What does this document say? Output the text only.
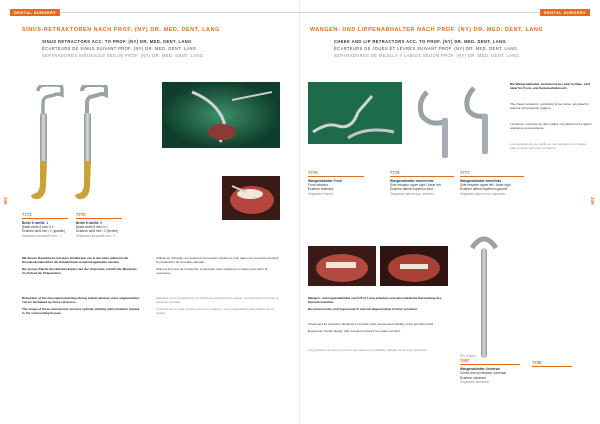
DENTAL SURGERY
SINUS-RETRAKTOREN NACH PROF. (NY) DR. MED. DENT. LANG
SINUS RETRACTORS ACC. TO PROF. (NY) DR. MED. DENT. LANG
ÉCARTEURS DE SINUS SUIVANT PROF. (NY) DR. MED. DENT. LANG
SEPARADORES SINUSALES SEGÚN PROF. (NY) DR. MED. DENT. LANG
338
7771
Breite 6 mm/Nr. 1
Blade width 6 mm/ # 1
Écarteur lar/6 mm / 1 (spatule)
Separador sinusal/6 mm / 1
7770
Breite 8 mm/Nr. 2
Blade width 8 mm/ # 2
Écarteur lar/8 mm / 2 (léchée)
Separador sinusal/8 mm / 2

Mit diesen Retraktoren mit einer Klinkbreite von 8 mm kann während der Sinusbodenelevation die Schleimhaut zusammengehalten werden.

Die grosse Fläche des Elevatorkopfes auf der Unterseite schützt die Membran im Verlauf der Präparation.

Retraction of the mucoperiosteal flap during lateral window sinus augmentation can be facilitated by these retractors.

The shape of these instruments ensures optimal visibility with minimum trauma to the surrounding tissues.

Utilisés en chirurgie, les écarteurs permettent d'éviter un bon appui sur les tissus pendant la préparation de la fenêtre latérale.

Grâce à la forme de l'extrémité, le lambeau reste maintenu en place sans léser la muqueuse.

Mediante estos separadores se facilita la retracción del colgajo mucoperióstico durante la elevación sinusal.

La forma de la punta permite una visión óptima y una manipulación atraumática de los tejidos.

DENTAL SURGERY
WANGEN- UND LIPPENABHALTER NACH PROF. (NY) DR. MED. DENT. LANG
CHEEK AND LIP RETRACTORS ACC. TO PROF. (NY) DR. MED. DENT. LANG
ÉCARTEURS DE JOUES ET LÈVRES SUIVANT PROF. (NY) DR. MED. DENT. LANG
SEPARADORES DE MEJILLA Y LABIOS SEGÚN PROF. (NY) DR. MED. DENT. LANG
339
Die Wangenabhalter, bestehend aus zwei Größen, sind ideal für Front- und Seitenzahnbereich.
The cheek retractors, consisting of two sizes, are ideal for anterior and posterior regions.
L'écarteur, composé de deux tailles, est idéal pour la région antérieure et postérieure.
Los separadores de mejilla en dos tamaños son ideales para la región anterior y posterior.
7776
Wangenabhalter Front
Front retractor
Écarteur antérieur
Separador frontal
7775
Wangenabhalter oben/rechts
Side retractor upper right / lower left
Écarteur latéral supérieur droit
Separador lateral sup. derecho
7777
Wangenabhalter oben/links
Side retractor upper left / lower right
Écarteur latéral supérieur gauche
Separador lateral sup. izquierdo

Wangen- und Lippenabhalter nach Prof. Lang erlauben eine übersichtliche Darstellung des Operationsfeldes.

Die Instrumente sind ergonomisch und mit abgerundeter Kontur versehen.

Cheek and lip retractors designed to provide clear access and visibility of the operative field.

Ergonomic handle design with rounded contours for patient comfort.

Les écarteurs de joues et lèvres permettent une visibilité optimale du champ opératoire.

90 x 19mm
7457
Wangenabhalter Universal
Cheek and lip retractor universal
Écarteur universel
Separador universal
7738
